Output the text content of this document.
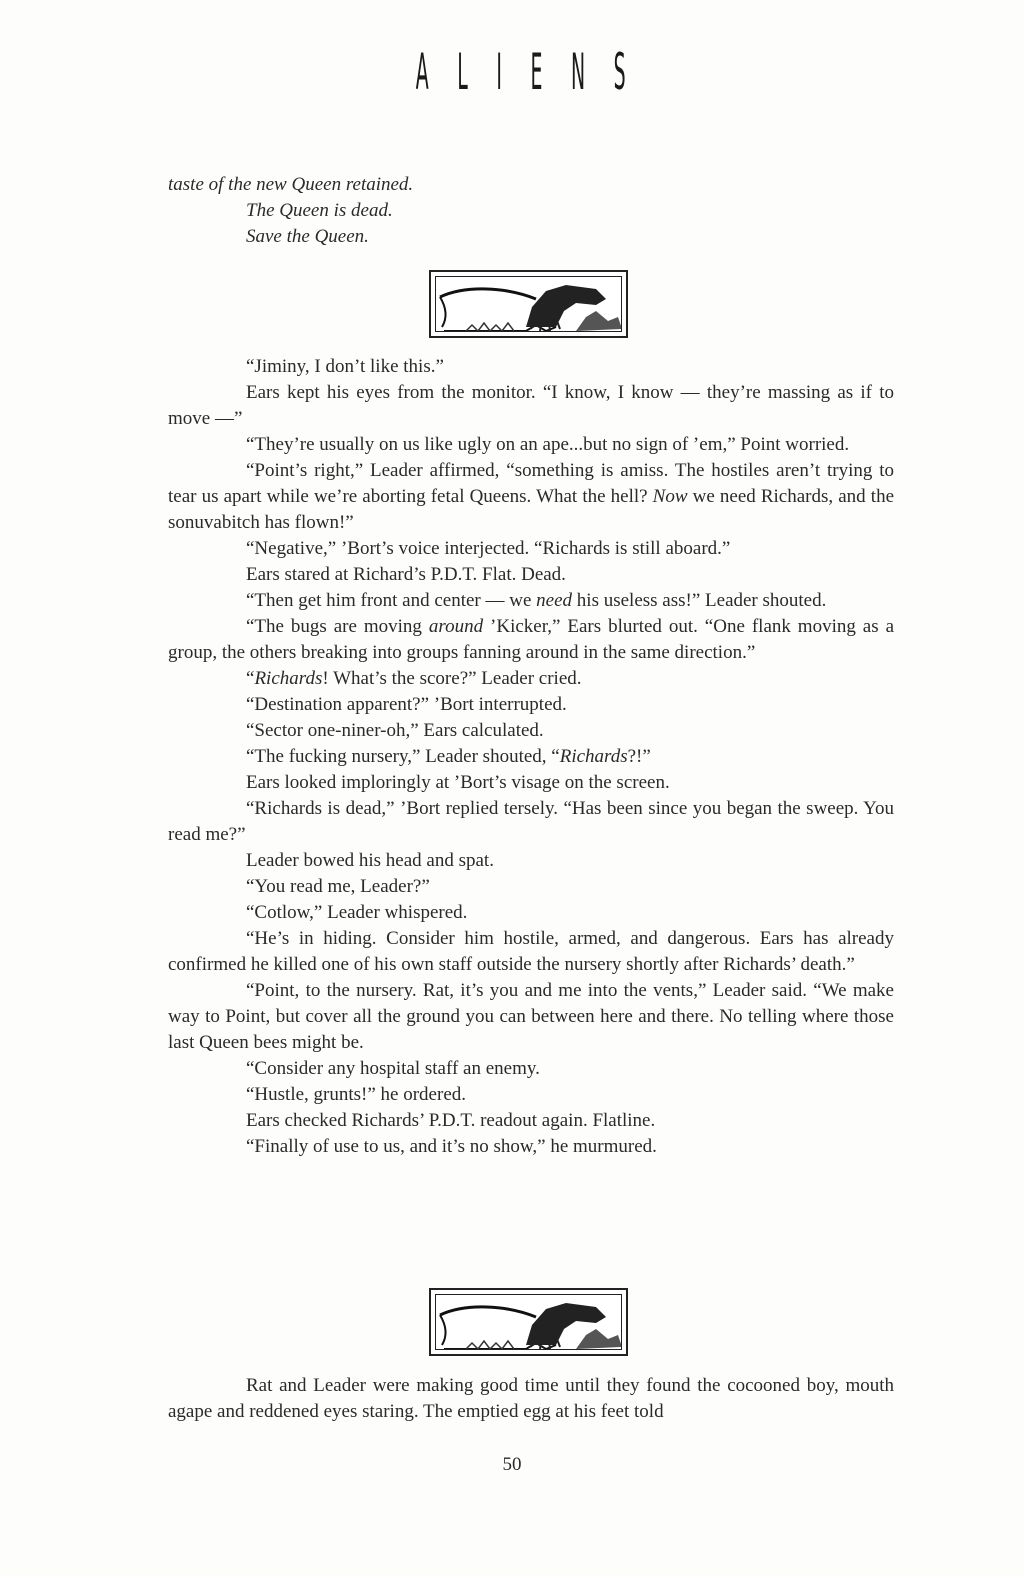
A L I E N S

taste of the new Queen retained.

The Queen is dead.

Save the Queen.

“Jiminy, I don’t like this.”

Ears kept his eyes from the monitor. “I know, I know — they’re massing as if to move —”

“They’re usually on us like ugly on an ape...but no sign of ’em,” Point worried.

“Point’s right,” Leader affirmed, “something is amiss. The hostiles aren’t trying to tear us apart while we’re aborting fetal Queens. What the hell? Now we need Richards, and the sonuvabitch has flown!”

“Negative,” ’Bort’s voice interjected. “Richards is still aboard.”

Ears stared at Richard’s P.D.T. Flat. Dead.

“Then get him front and center — we need his useless ass!” Leader shouted.

“The bugs are moving around ’Kicker,” Ears blurted out. “One flank moving as a group, the others breaking into groups fanning around in the same direction.”

“Richards! What’s the score?” Leader cried.

“Destination apparent?” ’Bort interrupted.

“Sector one-niner-oh,” Ears calculated.

“The fucking nursery,” Leader shouted, “Richards?!”

Ears looked imploringly at ’Bort’s visage on the screen.

“Richards is dead,” ’Bort replied tersely. “Has been since you began the sweep. You read me?”

Leader bowed his head and spat.

“You read me, Leader?”

“Cotlow,” Leader whispered.

“He’s in hiding. Consider him hostile, armed, and dangerous. Ears has already confirmed he killed one of his own staff outside the nursery shortly after Richards’ death.”

“Point, to the nursery. Rat, it’s you and me into the vents,” Leader said. “We make way to Point, but cover all the ground you can between here and there. No telling where those last Queen bees might be.

“Consider any hospital staff an enemy.

“Hustle, grunts!” he ordered.

Ears checked Richards’ P.D.T. readout again. Flatline.

“Finally of use to us, and it’s no show,” he murmured.

Rat and Leader were making good time until they found the cocooned boy, mouth agape and reddened eyes staring. The emptied egg at his feet told

50
